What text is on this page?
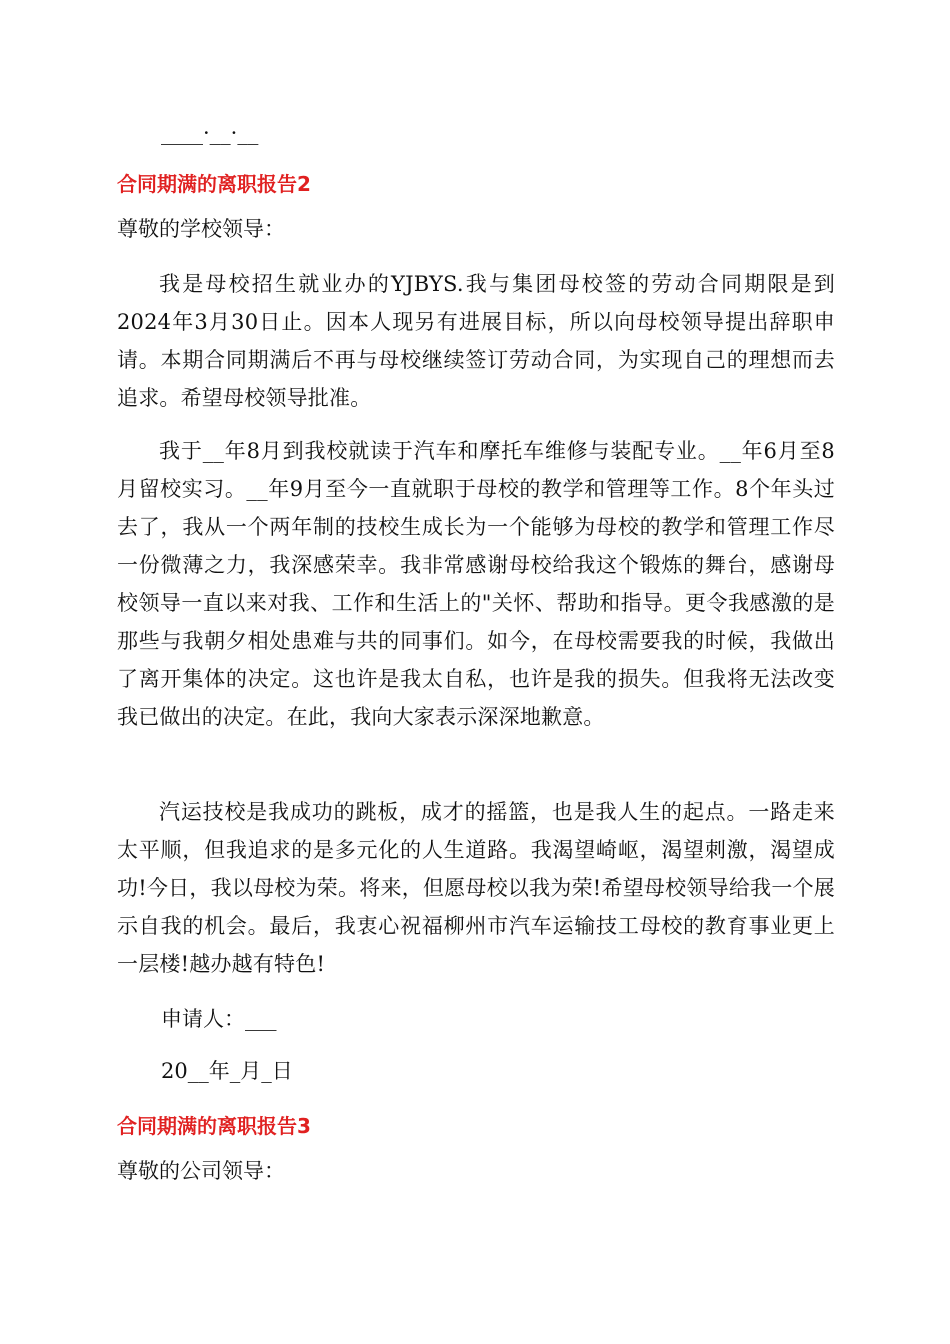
____·__·__
合同期满的离职报告2
尊敬的学校领导：
我是母校招生就业办的YJBYS.我与集团母校签的劳动合同期限是到2024年3月30日止。因本人现另有进展目标，所以向母校领导提出辞职申请。本期合同期满后不再与母校继续签订劳动合同，为实现自己的理想而去追求。希望母校领导批准。
我于__年8月到我校就读于汽车和摩托车维修与装配专业。__年6月至8月留校实习。__年9月至今一直就职于母校的教学和管理等工作。8个年头过去了，我从一个两年制的技校生成长为一个能够为母校的教学和管理工作尽一份微薄之力，我深感荣幸。我非常感谢母校给我这个锻炼的舞台，感谢母校领导一直以来对我、工作和生活上的"关怀、帮助和指导。更令我感激的是那些与我朝夕相处患难与共的同事们。如今，在母校需要我的时候，我做出了离开集体的决定。这也许是我太自私，也许是我的损失。但我将无法改变我已做出的决定。在此，我向大家表示深深地歉意。
汽运技校是我成功的跳板，成才的摇篮，也是我人生的起点。一路走来太平顺，但我追求的是多元化的人生道路。我渴望崎岖，渴望刺激，渴望成功!今日，我以母校为荣。将来，但愿母校以我为荣!希望母校领导给我一个展示自我的机会。最后，我衷心祝福柳州市汽车运输技工母校的教育事业更上一层楼!越办越有特色!
申请人：___
20__年_月_日
合同期满的离职报告3
尊敬的公司领导：
